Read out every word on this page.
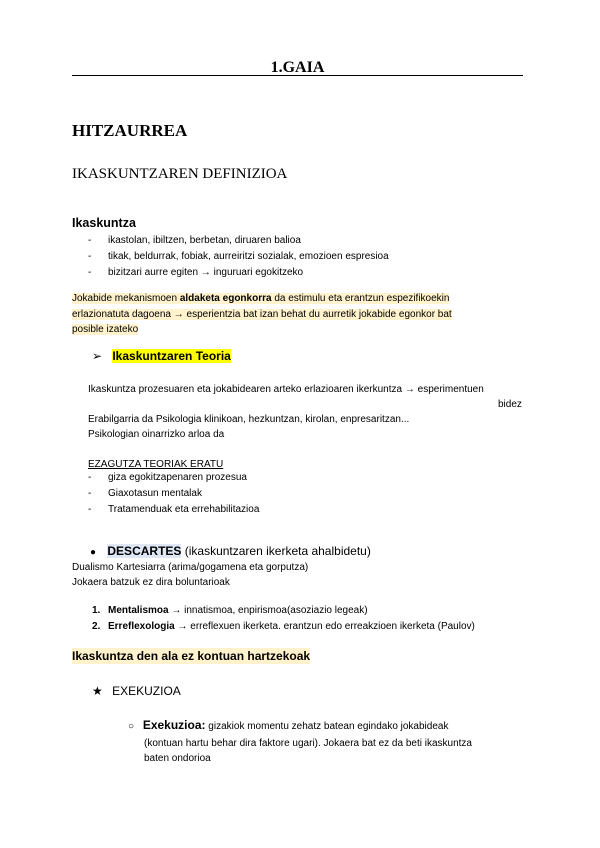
1.GAIA
HITZAURREA
IKASKUNTZAREN DEFINIZIOA
Ikaskuntza
- ikastolan, ibiltzen, berbetan, diruaren balioa
- tikak, beldurrak, fobiak, aurreiritzi sozialak, emozioen espresioa
- bizitzari aurre egiten → inguruari egokitzeko
Jokabide mekanismoen aldaketa egonkorra da estimulu eta erantzun espezifikoekin
erlazionatuta dagoena → esperientzia bat izan behat du aurretik jokabide egonkor bat
posible izateko
➢ Ikaskuntzaren Teoria
Ikaskuntza prozesuaren eta jokabidearen arteko erlazioaren ikerkuntza → esperimentuen
bidez
Erabilgarria da Psikologia klinikoan, hezkuntzan, kirolan, enpresaritzan...
Psikologian oinarrizko arloa da
EZAGUTZA TEORIAK ERATU
- giza egokitzapenaren prozesua
- Giaxotasun mentalak
- Tratamenduak eta errehabilitazioa
● DESCARTES (ikaskuntzaren ikerketa ahalbidetu)
Dualismo Kartesiarra (arima/gogamena eta gorputza)
Jokaera batzuk ez dira boluntarioak
1. Mentalismoa → innatismoa, enpirismoa(asoziazio legeak)
2. Erreflexologia → erreflexuen ikerketa. erantzun edo erreakzioen ikerketa (Paulov)
Ikaskuntza den ala ez kontuan hartzekoak
★ EXEKUZIOA
○ Exekuzioa: gizakiok momentu zehatz batean egindako jokabideak
(kontuan hartu behar dira faktore ugari). Jokaera bat ez da beti ikaskuntza
baten ondorioa
